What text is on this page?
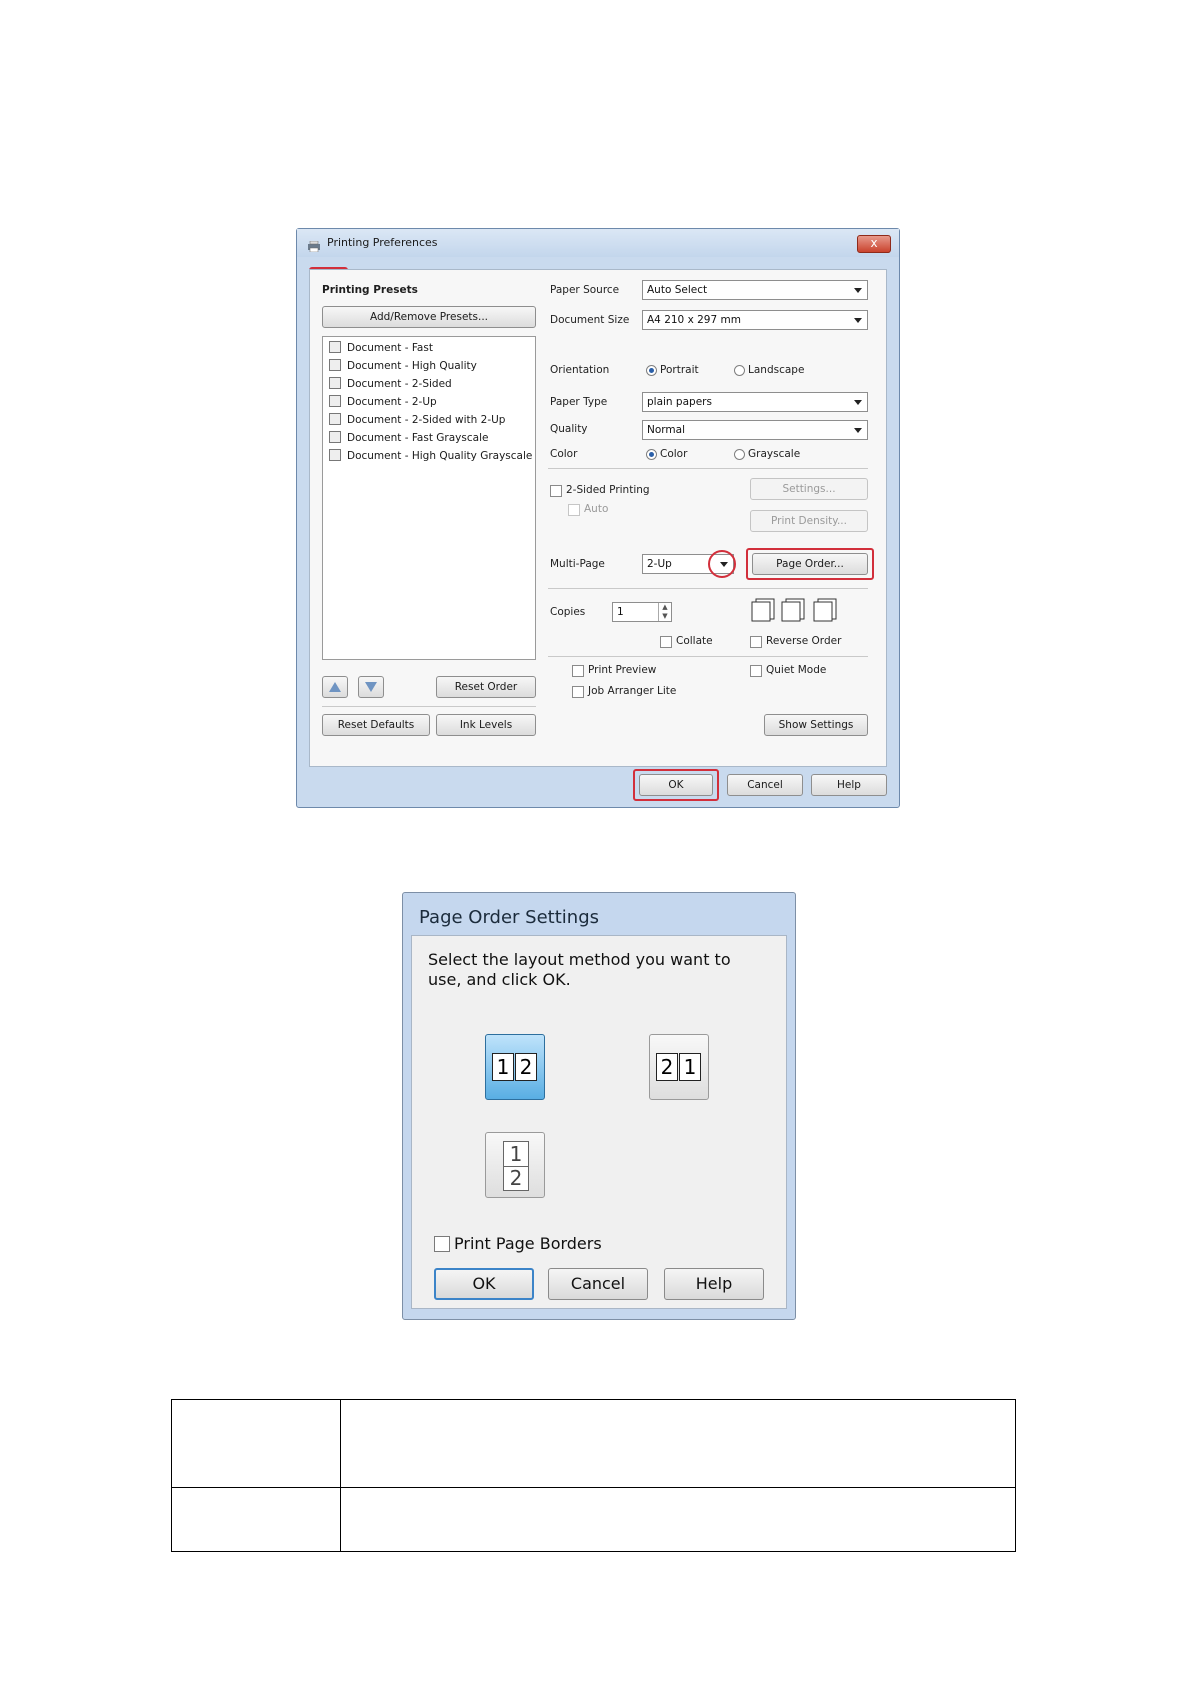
Printing Preferences	x
Printing Presets
Add/Remove Presets...
Document - Fast
Document - High Quality
Document - 2-Sided
Document - 2-Up
Document - 2-Sided with 2-Up
Document - Fast Grayscale
Document - High Quality Grayscale
Reset Order
Reset Defaults	Ink Levels
Paper Source	Auto Select
Document Size	A4 210 x 297 mm
Orientation	Portrait	Landscape
Paper Type	plain papers
Quality	Normal
Color	Color	Grayscale
2-Sided Printing
Auto
Settings...
Print Density...
Multi-Page	2-Up	Page Order...
Copies	1	▲
▼
Collate	Reverse Order
Print Preview	Quiet Mode
Job Arranger Lite
Show Settings
OK	Cancel	Help
Page Order Settings
Select the layout method you want to use, and click OK.
1 2	2 1
1
2
Print Page Borders
OK	Cancel	Help
